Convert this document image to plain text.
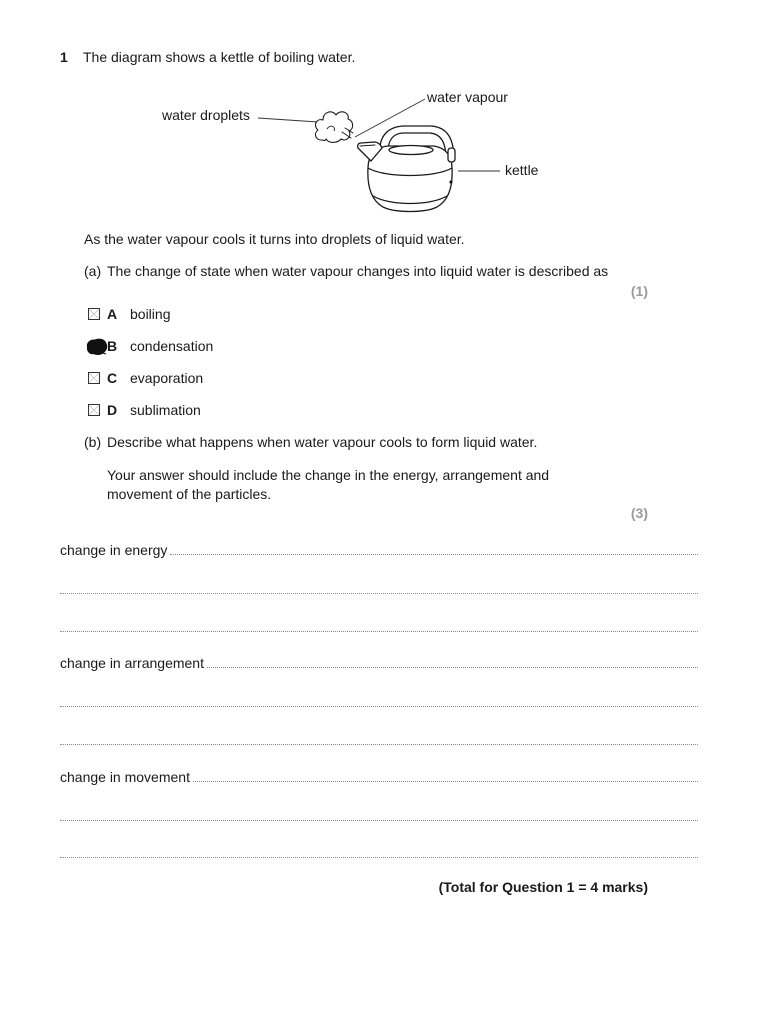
1 The diagram shows a kettle of boiling water.
water droplets
water vapour
kettle
As the water vapour cools it turns into droplets of liquid water.
(a) The change of state when water vapour changes into liquid water is described as
(1)
A boiling
B condensation
C evaporation
D sublimation
(b) Describe what happens when water vapour cools to form liquid water.
Your answer should include the change in the energy, arrangement and
movement of the particles.
(3)
change in energy
change in arrangement
change in movement
(Total for Question 1 = 4 marks)
